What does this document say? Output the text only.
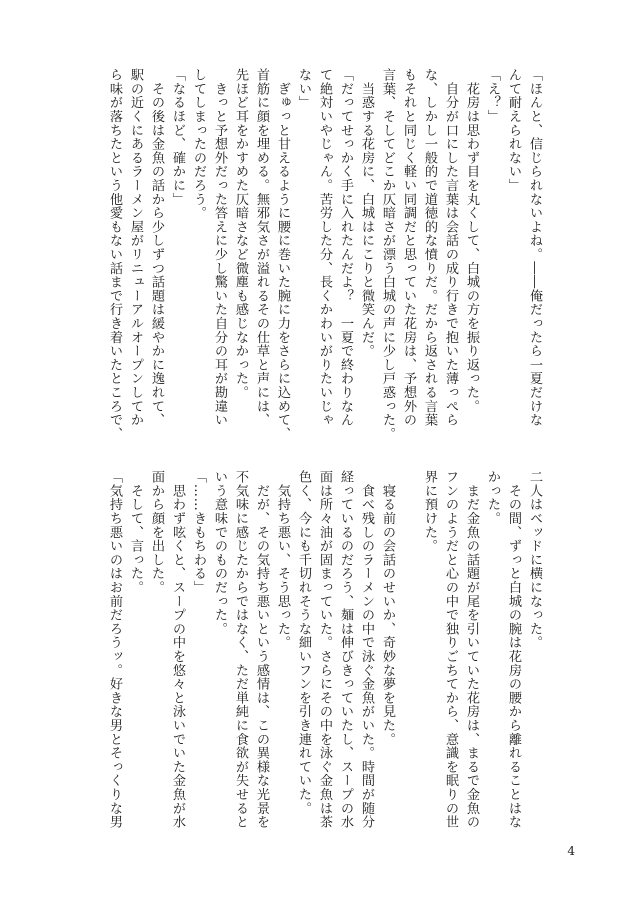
「ほんと、信じられないよね。――俺だったら一夏だけな

んて耐えられない」

「え？」

　花房は思わず目を丸くして、白城の方を振り返った。

　自分が口にした言葉は会話の成り行きで抱いた薄っぺら

な、しかし一般的で道徳的な憤りだ。だから返される言葉

もそれと同じく軽い同調だと思っていた花房は、予想外の

言葉、そしてどこか仄暗さが漂う白城の声に少し戸惑った。

　当惑する花房に、白城はにこりと微笑んだ。

「だってせっかく手に入れたんだよ？　一夏で終わりなん

て絶対いやじゃん。苦労した分、長くかわいがりたいじゃ

ない」

　ぎゅっと甘えるように腰に巻いた腕に力をさらに込めて、

首筋に顔を埋める。無邪気さが溢れるその仕草と声には、

先ほど耳をかすめた仄暗さなど微塵も感じなかった。

　きっと予想外だった答えに少し驚いた自分の耳が勘違い

してしまったのだろう。

「なるほど、確かに」

　その後は金魚の話から少しずつ話題は緩やかに逸れて、

駅の近くにあるラーメン屋がリニューアルオープンしてか

ら味が落ちたという他愛もない話まで行き着いたところで、

二人はベッドに横になった。

　その間、ずっと白城の腕は花房の腰から離れることはな

かった。

　まだ金魚の話題が尾を引いていた花房は、まるで金魚の

フンのようだと心の中で独りごちてから、意識を眠りの世

界に預けた。

　寝る前の会話のせいか、奇妙な夢を見た。

　食べ残しのラーメンの中で泳ぐ金魚がいた。時間が随分

経っているのだろう、麺は伸びきっていたし、スープの水

面は所々油が固まっていた。さらにその中を泳ぐ金魚は茶

色く、今にも千切れそうな細いフンを引き連れていた。

　気持ち悪い、そう思った。

　だが、その気持ち悪いという感情は、この異様な光景を

不気味に感じたからではなく、ただ単純に食欲が失せると

いう意味でのものだった。

「……きもちわる」

　思わず呟くと、スープの中を悠々と泳いでいた金魚が水

面から顔を出した。

　そして、言った。

「気持ち悪いのはお前だろうッ。好きな男とそっくりな男

4
